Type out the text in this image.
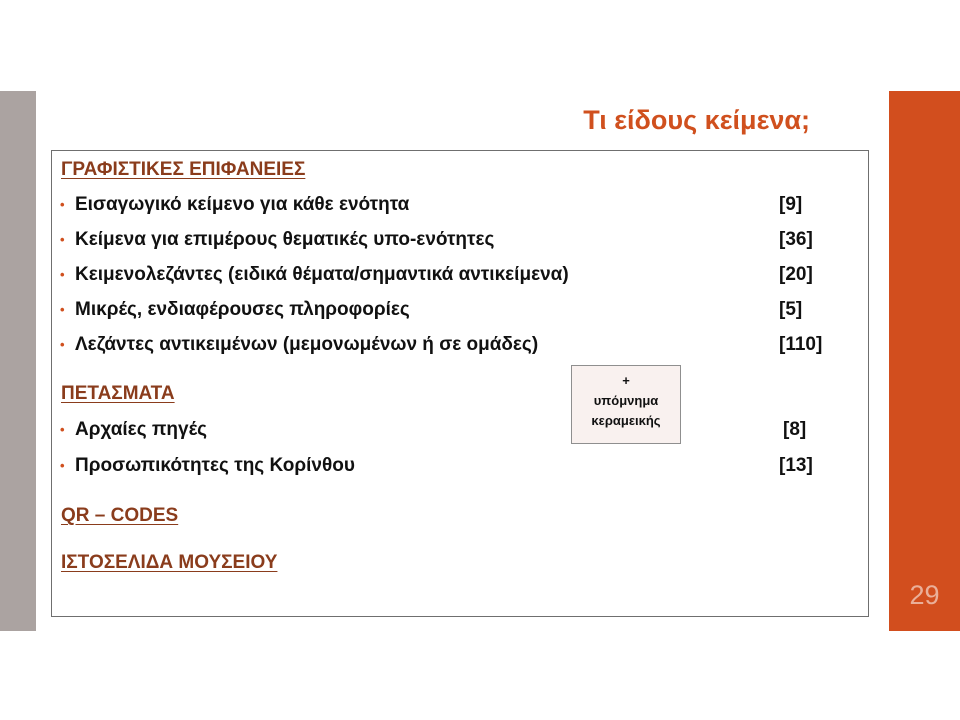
29
Τι είδους κείμενα;
ΓΡΑΦΙΣΤΙΚΕΣ ΕΠΙΦΑΝΕΙΕΣ
• Εισαγωγικό κείμενο για κάθε ενότητα	[9]
• Κείμενα για επιμέρους θεματικές υπο-ενότητες	[36]
• Κειμενολεζάντες (ειδικά θέματα/σημαντικά αντικείμενα)	[20]
• Μικρές, ενδιαφέρουσες πληροφορίες	[5]
• Λεζάντες αντικειμένων (μεμονωμένων ή σε ομάδες)	[110]
ΠΕΤΑΣΜΑΤΑ
• Αρχαίες πηγές	[8]
• Προσωπικότητες της Κορίνθου	[13]
QR – CODES
ΙΣΤΟΣΕΛΙΔΑ ΜΟΥΣΕΙΟΥ
+
υπόμνημα
κεραμεικής
